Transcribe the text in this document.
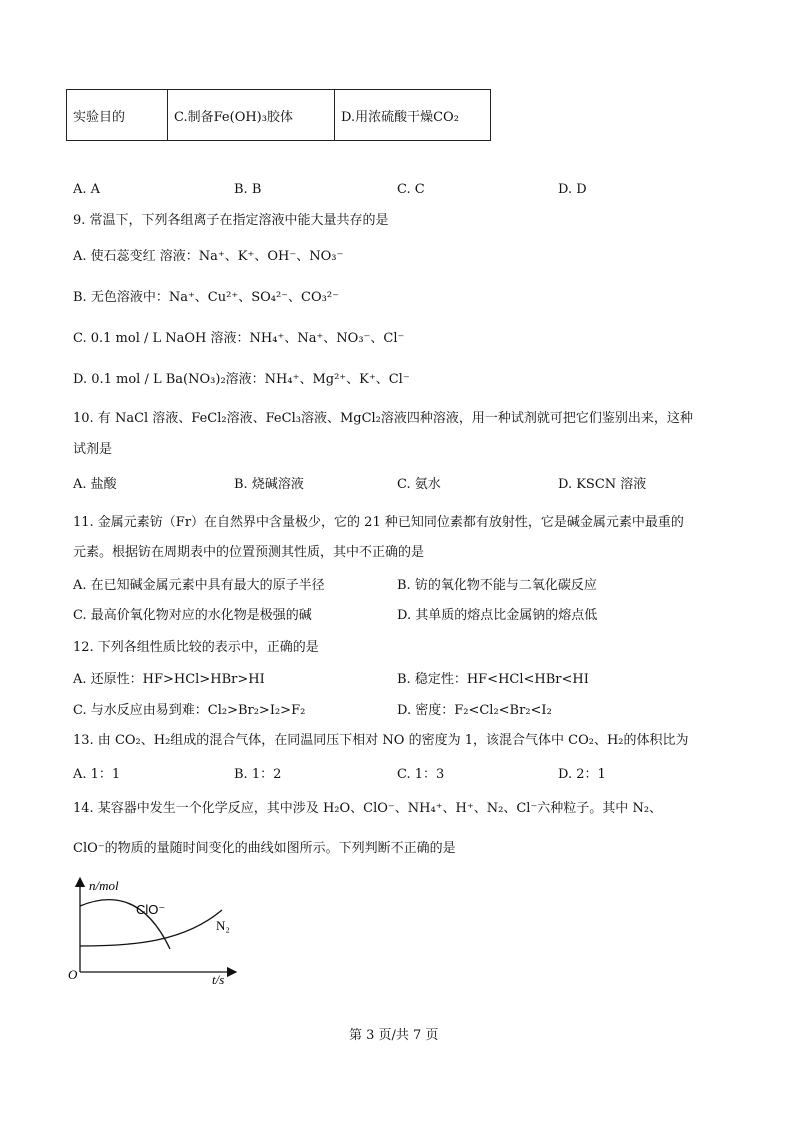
实验目的	C.制备Fe(OH)₃胶体	D.用浓硫酸干燥CO₂
A. A	B. B	C. C	D. D
9. 常温下，下列各组离子在指定溶液中能大量共存的是
A. 使石蕊变红 溶液：Na⁺、K⁺、OH⁻、NO₃⁻
B. 无色溶液中：Na⁺、Cu²⁺、SO₄²⁻、CO₃²⁻
C. 0.1 mol / L NaOH 溶液：NH₄⁺、Na⁺、NO₃⁻、Cl⁻
D. 0.1 mol / L Ba(NO₃)₂溶液：NH₄⁺、Mg²⁺、K⁺、Cl⁻
10. 有 NaCl 溶液、FeCl₂溶液、FeCl₃溶液、MgCl₂溶液四种溶液，用一种试剂就可把它们鉴别出来，这种
试剂是
A. 盐酸	B. 烧碱溶液	C. 氨水	D. KSCN 溶液
11. 金属元素钫（Fr）在自然界中含量极少，它的 21 种已知同位素都有放射性，它是碱金属元素中最重的
元素。根据钫在周期表中的位置预测其性质，其中不正确的是
A. 在已知碱金属元素中具有最大的原子半径	B. 钫的氧化物不能与二氧化碳反应
C. 最高价氧化物对应的水化物是极强的碱	D. 其单质的熔点比金属钠的熔点低
12. 下列各组性质比较的表示中，正确的是
A. 还原性：HF>HCl>HBr>HI	B. 稳定性：HF<HCl<HBr<HI
C. 与水反应由易到难：Cl₂>Br₂>I₂>F₂	D. 密度：F₂<Cl₂<Br₂<I₂
13. 由 CO₂、H₂组成的混合气体，在同温同压下相对 NO 的密度为 1，该混合气体中 CO₂、H₂的体积比为
A. 1：1	B. 1：2	C. 1：3	D. 2：1
14. 某容器中发生一个化学反应，其中涉及 H₂O、ClO⁻、NH₄⁺、H⁺、N₂、Cl⁻六种粒子。其中 N₂、
ClO⁻的物质的量随时间变化的曲线如图所示。下列判断不正确的是
n/mol
ClO⁻
N₂
O	t/s
第 3 页/共 7 页
